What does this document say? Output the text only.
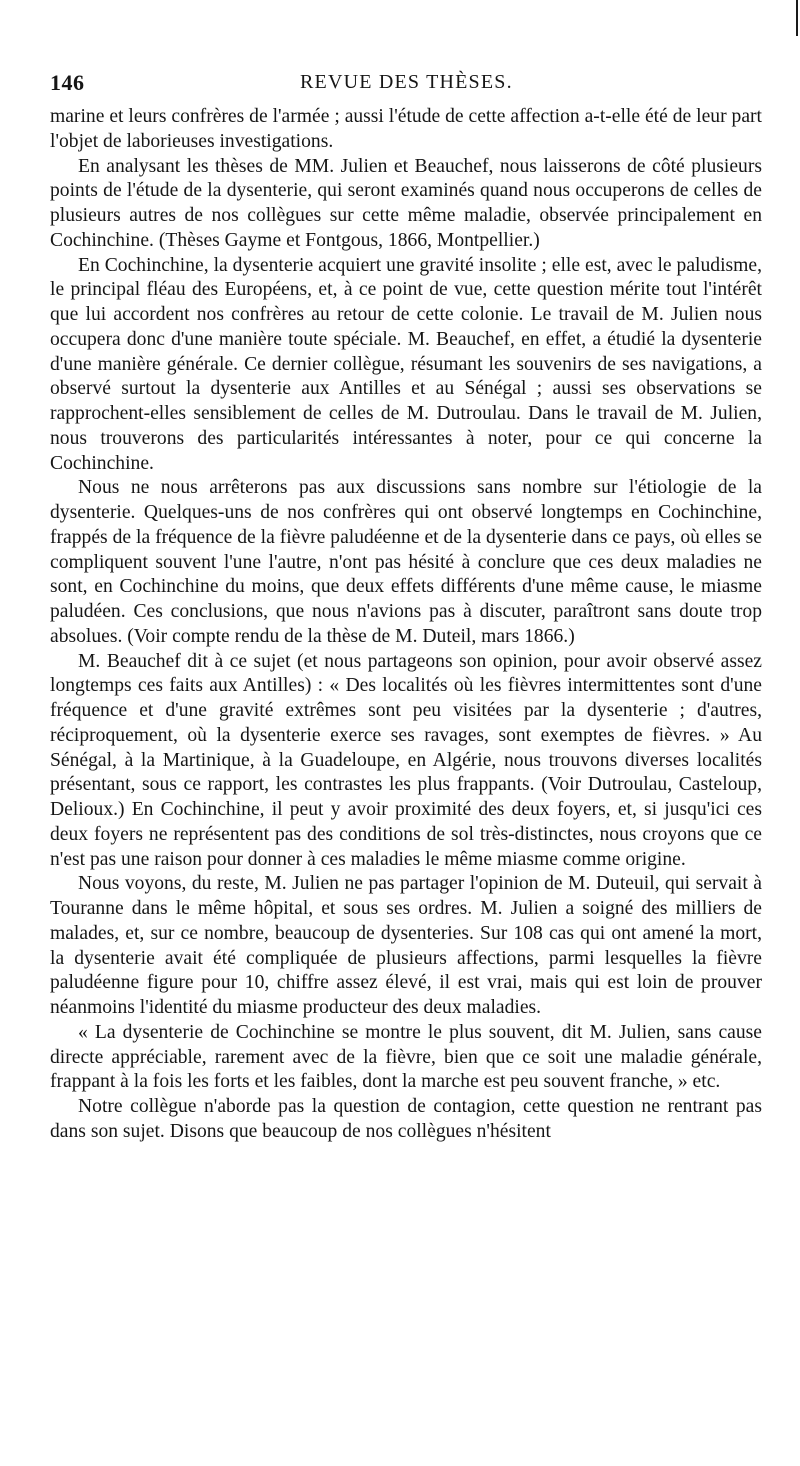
146	REVUE DES THÈSES.

marine et leurs confrères de l'armée ; aussi l'étude de cette affection a-t-elle été de leur part l'objet de laborieuses investigations.

En analysant les thèses de MM. Julien et Beauchef, nous laisserons de côté plusieurs points de l'étude de la dysenterie, qui seront examinés quand nous occuperons de celles de plusieurs autres de nos collègues sur cette même maladie, observée principalement en Cochinchine. (Thèses Gayme et Fontgous, 1866, Montpellier.)

En Cochinchine, la dysenterie acquiert une gravité insolite ; elle est, avec le paludisme, le principal fléau des Européens, et, à ce point de vue, cette question mérite tout l'intérêt que lui accordent nos confrères au retour de cette colonie. Le travail de M. Julien nous occupera donc d'une manière toute spéciale. M. Beauchef, en effet, a étudié la dysenterie d'une manière générale. Ce dernier collègue, résumant les souvenirs de ses navigations, a observé surtout la dysenterie aux Antilles et au Sénégal ; aussi ses observations se rapprochent-elles sensiblement de celles de M. Dutroulau. Dans le travail de M. Julien, nous trouverons des particularités intéressantes à noter, pour ce qui concerne la Cochinchine.

Nous ne nous arrêterons pas aux discussions sans nombre sur l'étiologie de la dysenterie. Quelques-uns de nos confrères qui ont observé longtemps en Cochinchine, frappés de la fréquence de la fièvre paludéenne et de la dysenterie dans ce pays, où elles se compliquent souvent l'une l'autre, n'ont pas hésité à conclure que ces deux maladies ne sont, en Cochinchine du moins, que deux effets différents d'une même cause, le miasme paludéen. Ces conclusions, que nous n'avions pas à discuter, paraîtront sans doute trop absolues. (Voir compte rendu de la thèse de M. Duteil, mars 1866.)

M. Beauchef dit à ce sujet (et nous partageons son opinion, pour avoir observé assez longtemps ces faits aux Antilles) : « Des localités où les fièvres intermittentes sont d'une fréquence et d'une gravité extrêmes sont peu visitées par la dysenterie ; d'autres, réciproquement, où la dysenterie exerce ses ravages, sont exemptes de fièvres. » Au Sénégal, à la Martinique, à la Guadeloupe, en Algérie, nous trouvons diverses localités présentant, sous ce rapport, les contrastes les plus frappants. (Voir Dutroulau, Casteloup, Delioux.) En Cochinchine, il peut y avoir proximité des deux foyers, et, si jusqu'ici ces deux foyers ne représentent pas des conditions de sol très-distinctes, nous croyons que ce n'est pas une raison pour donner à ces maladies le même miasme comme origine.

Nous voyons, du reste, M. Julien ne pas partager l'opinion de M. Duteuil, qui servait à Touranne dans le même hôpital, et sous ses ordres. M. Julien a soigné des milliers de malades, et, sur ce nombre, beaucoup de dysenteries. Sur 108 cas qui ont amené la mort, la dysenterie avait été compliquée de plusieurs affections, parmi lesquelles la fièvre paludéenne figure pour 10, chiffre assez élevé, il est vrai, mais qui est loin de prouver néanmoins l'identité du miasme producteur des deux maladies.

« La dysenterie de Cochinchine se montre le plus souvent, dit M. Julien, sans cause directe appréciable, rarement avec de la fièvre, bien que ce soit une maladie générale, frappant à la fois les forts et les faibles, dont la marche est peu souvent franche, » etc.

Notre collègue n'aborde pas la question de contagion, cette question ne rentrant pas dans son sujet. Disons que beaucoup de nos collègues n'hésitent
